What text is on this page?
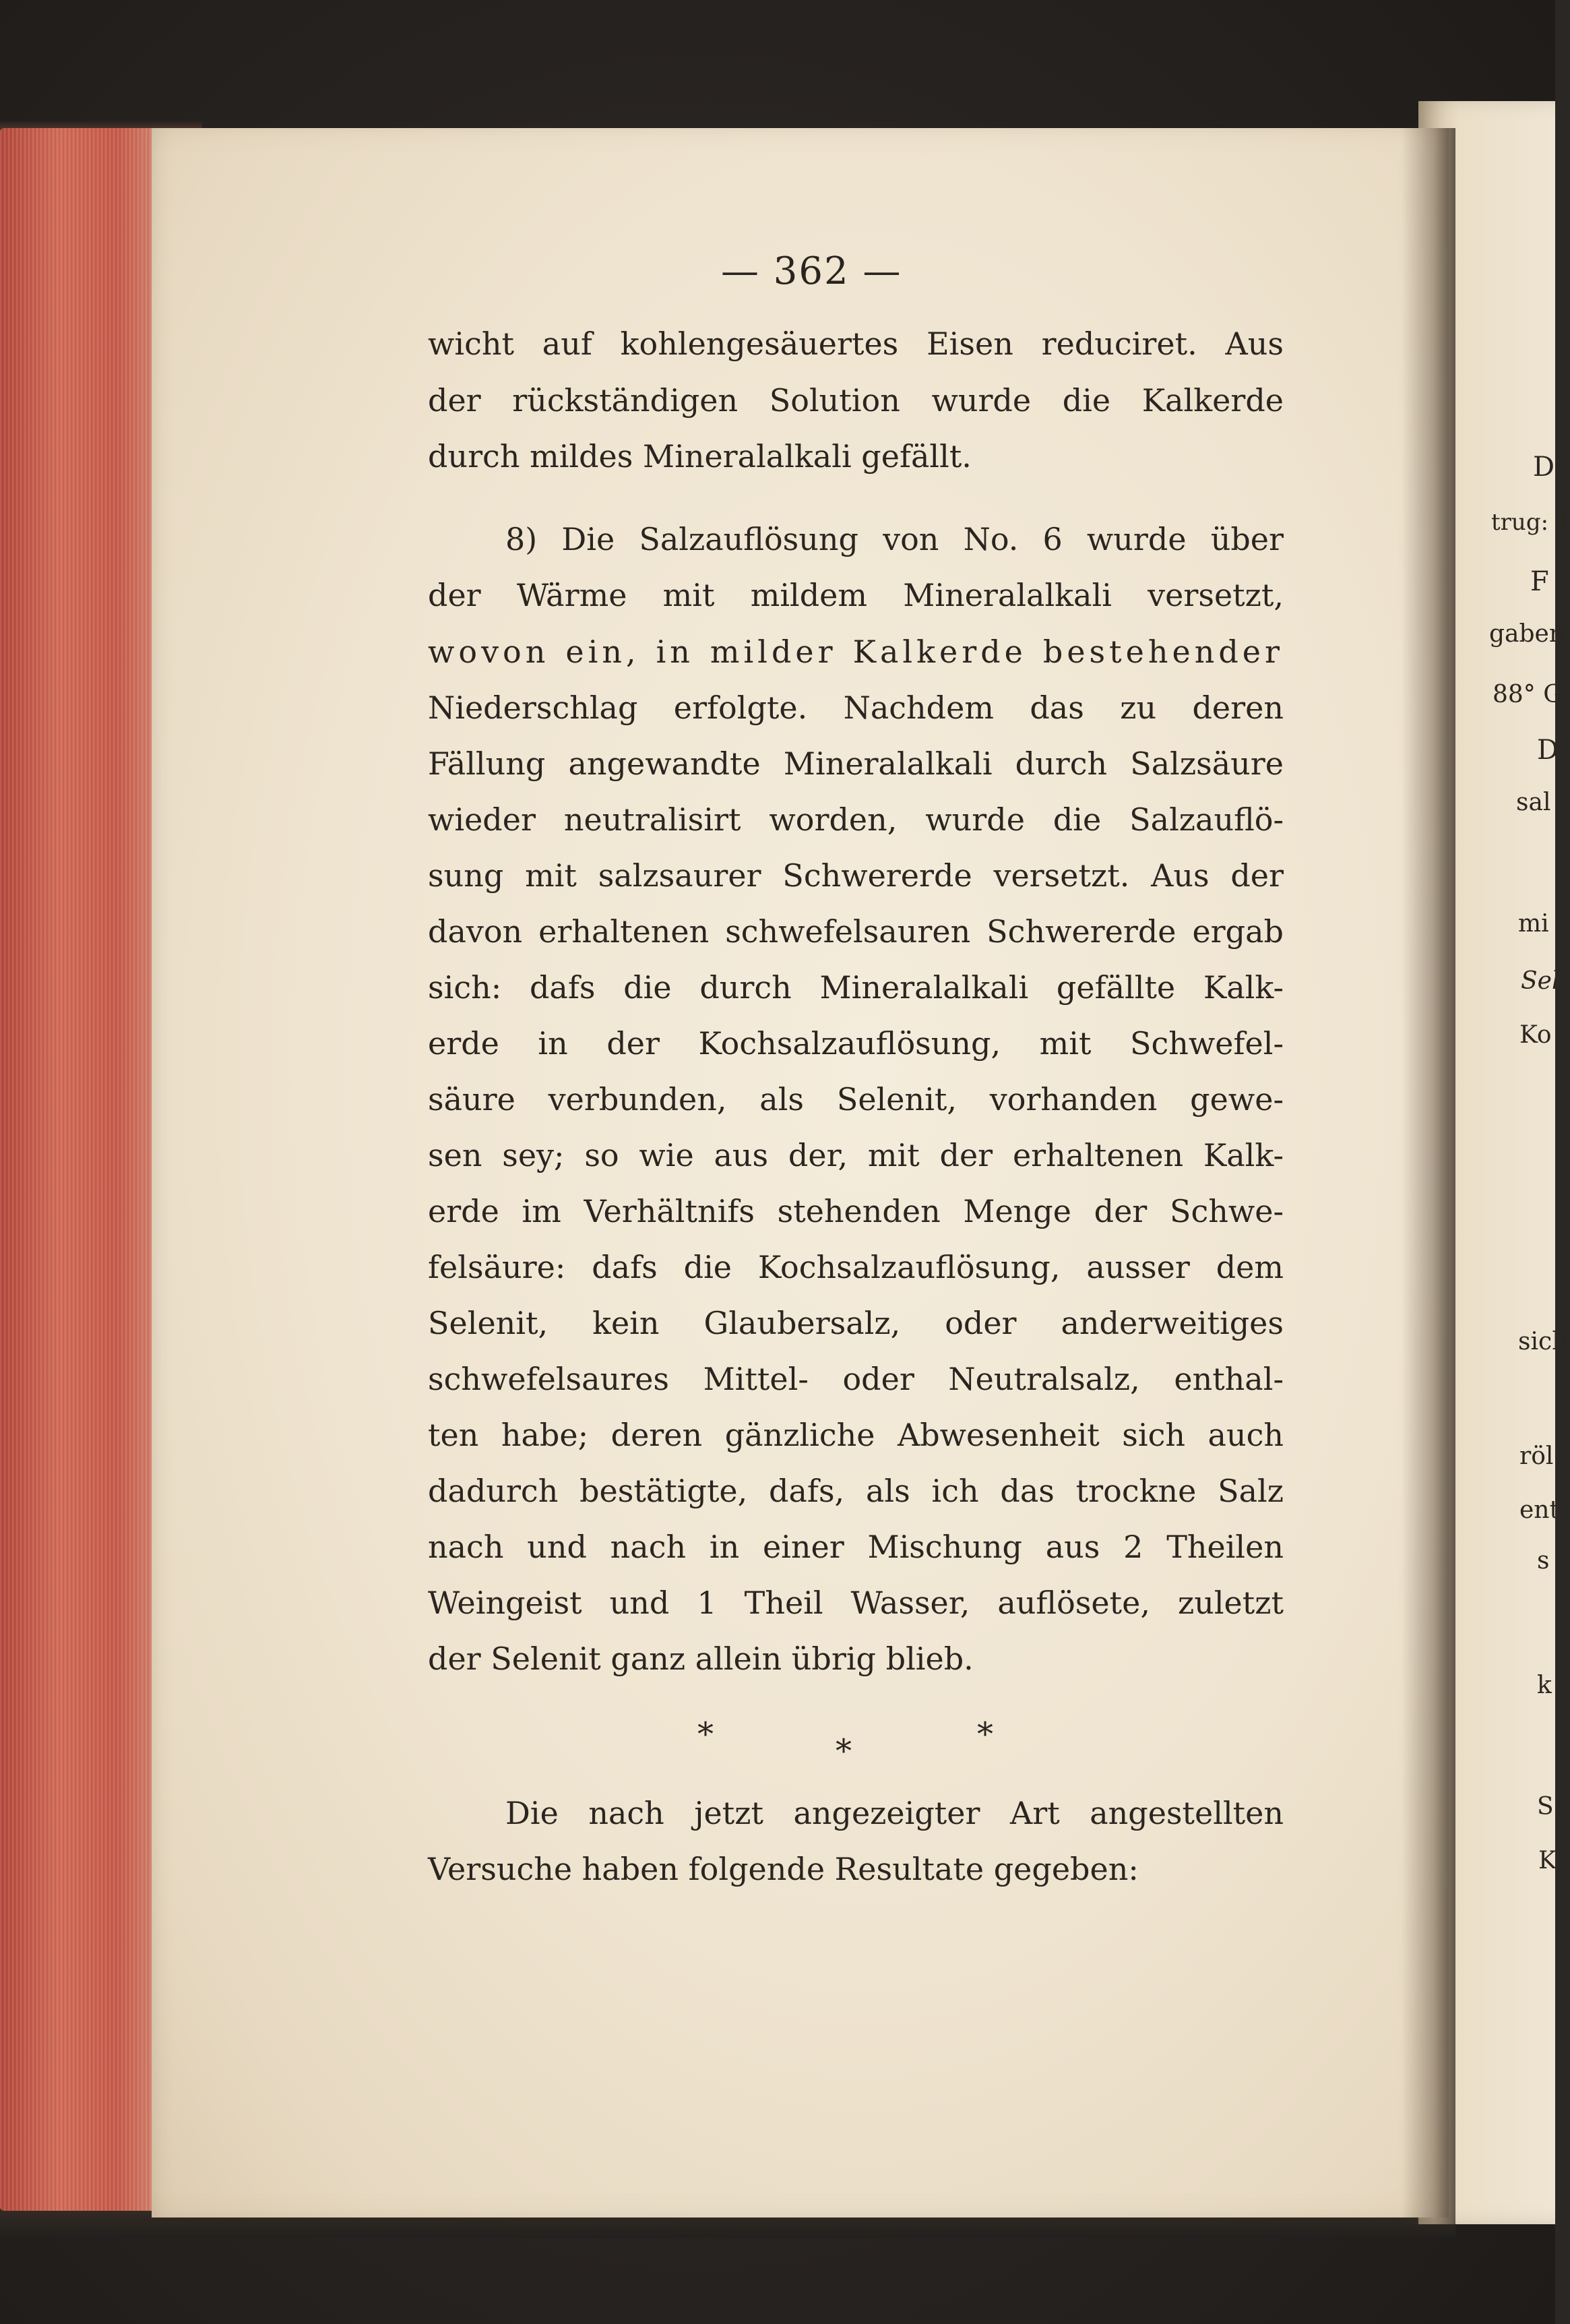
D
trug: 1
F
gaben
88° G
D
sal
mi
Sel
Ko
sich
röl
ent
s
k
S
K
— 362 —
wicht auf kohlengesäuertes Eisen reduciret. Aus
der rückständigen Solution wurde die Kalkerde
durch mildes Mineralalkali gefällt.
8) Die Salzauflösung von No. 6 wurde über
der Wärme mit mildem Mineralalkali versetzt,
wovon ein, in milder Kalkerde bestehender
Niederschlag erfolgte. Nachdem das zu deren
Fällung angewandte Mineralalkali durch Salzsäure
wieder neutralisirt worden, wurde die Salzauflö-
sung mit salzsaurer Schwererde versetzt. Aus der
davon erhaltenen schwefelsauren Schwererde ergab
sich: dafs die durch Mineralalkali gefällte Kalk-
erde in der Kochsalzauflösung, mit Schwefel-
säure verbunden, als Selenit, vorhanden gewe-
sen sey; so wie aus der, mit der erhaltenen Kalk-
erde im Verhältnifs stehenden Menge der Schwe-
felsäure: dafs die Kochsalzauflösung, ausser dem
Selenit, kein Glaubersalz, oder anderweitiges
schwefelsaures Mittel- oder Neutralsalz, enthal-
ten habe; deren gänzliche Abwesenheit sich auch
dadurch bestätigte, dafs, als ich das trockne Salz
nach und nach in einer Mischung aus 2 Theilen
Weingeist und 1 Theil Wasser, auflösete, zuletzt
der Selenit ganz allein übrig blieb.
Die nach jetzt angezeigter Art angestellten
Versuche haben folgende Resultate gegeben:
*	*	*
